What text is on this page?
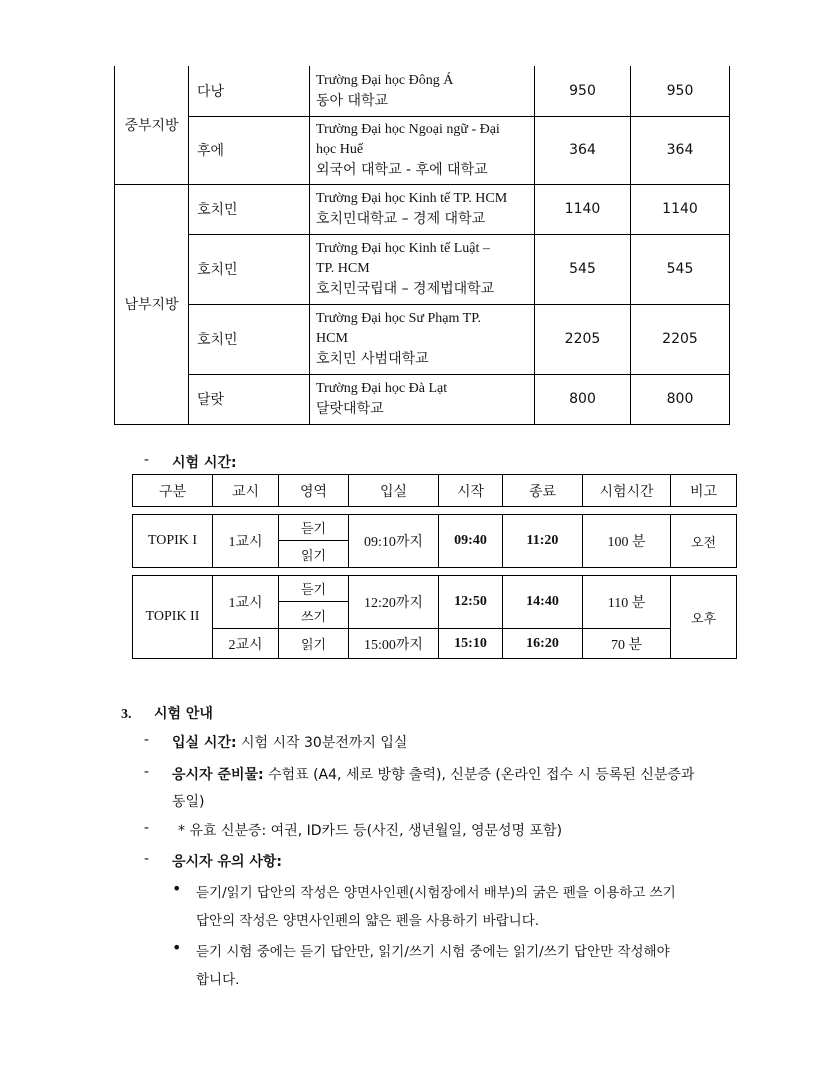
중부지방	다낭	Trường Đại học Đông Á
동아 대학교	950	950
	후에	Trường Đại học Ngoại ngữ - Đại
học Huế
외국어 대학교 - 후에 대학교	364	364
남부지방	호치민	Trường Đại học Kinh tế TP. HCM
호치민대학교 – 경제 대학교	1140	1140
	호치민	Trường Đại học Kinh tế Luật –
TP. HCM
호치민국립대 – 경제법대학교	545	545
	호치민	Trường Đại học Sư Phạm TP.
HCM
호치민 사범대학교	2205	2205
	달랏	Trường Đại học Đà Lạt
달랏대학교	800	800
- 시험 시간:
구분	교시	영역	입실	시작	종료	시험시간	비고

TOPIK I	1교시	듣기	09:10까지	09:40	11:20	100 분	오전
		읽기					

TOPIK II	1교시	듣기	12:20까지	12:50	14:40	110 분	오후
		쓰기					
	2교시	읽기	15:00까지	15:10	16:20	70 분	
3. 시험 안내
- 입실 시간: 시험 시작 30분전까지 입실
- 응시자 준비물: 수험표 (A4, 세로 방향 출력), 신분증 (온라인 접수 시 등록된 신분증과
동일)
- * 유효 신분증: 여권, ID카드 등(사진, 생년월일, 영문성명 포함)
- 응시자 유의 사항:
• 듣기/읽기 답안의 작성은 양면사인펜(시험장에서 배부)의 굵은 펜을 이용하고 쓰기
답안의 작성은 양면사인펜의 얇은 펜을 사용하기 바랍니다.
• 듣기 시험 중에는 듣기 답안만, 읽기/쓰기 시험 중에는 읽기/쓰기 답안만 작성해야
합니다.
